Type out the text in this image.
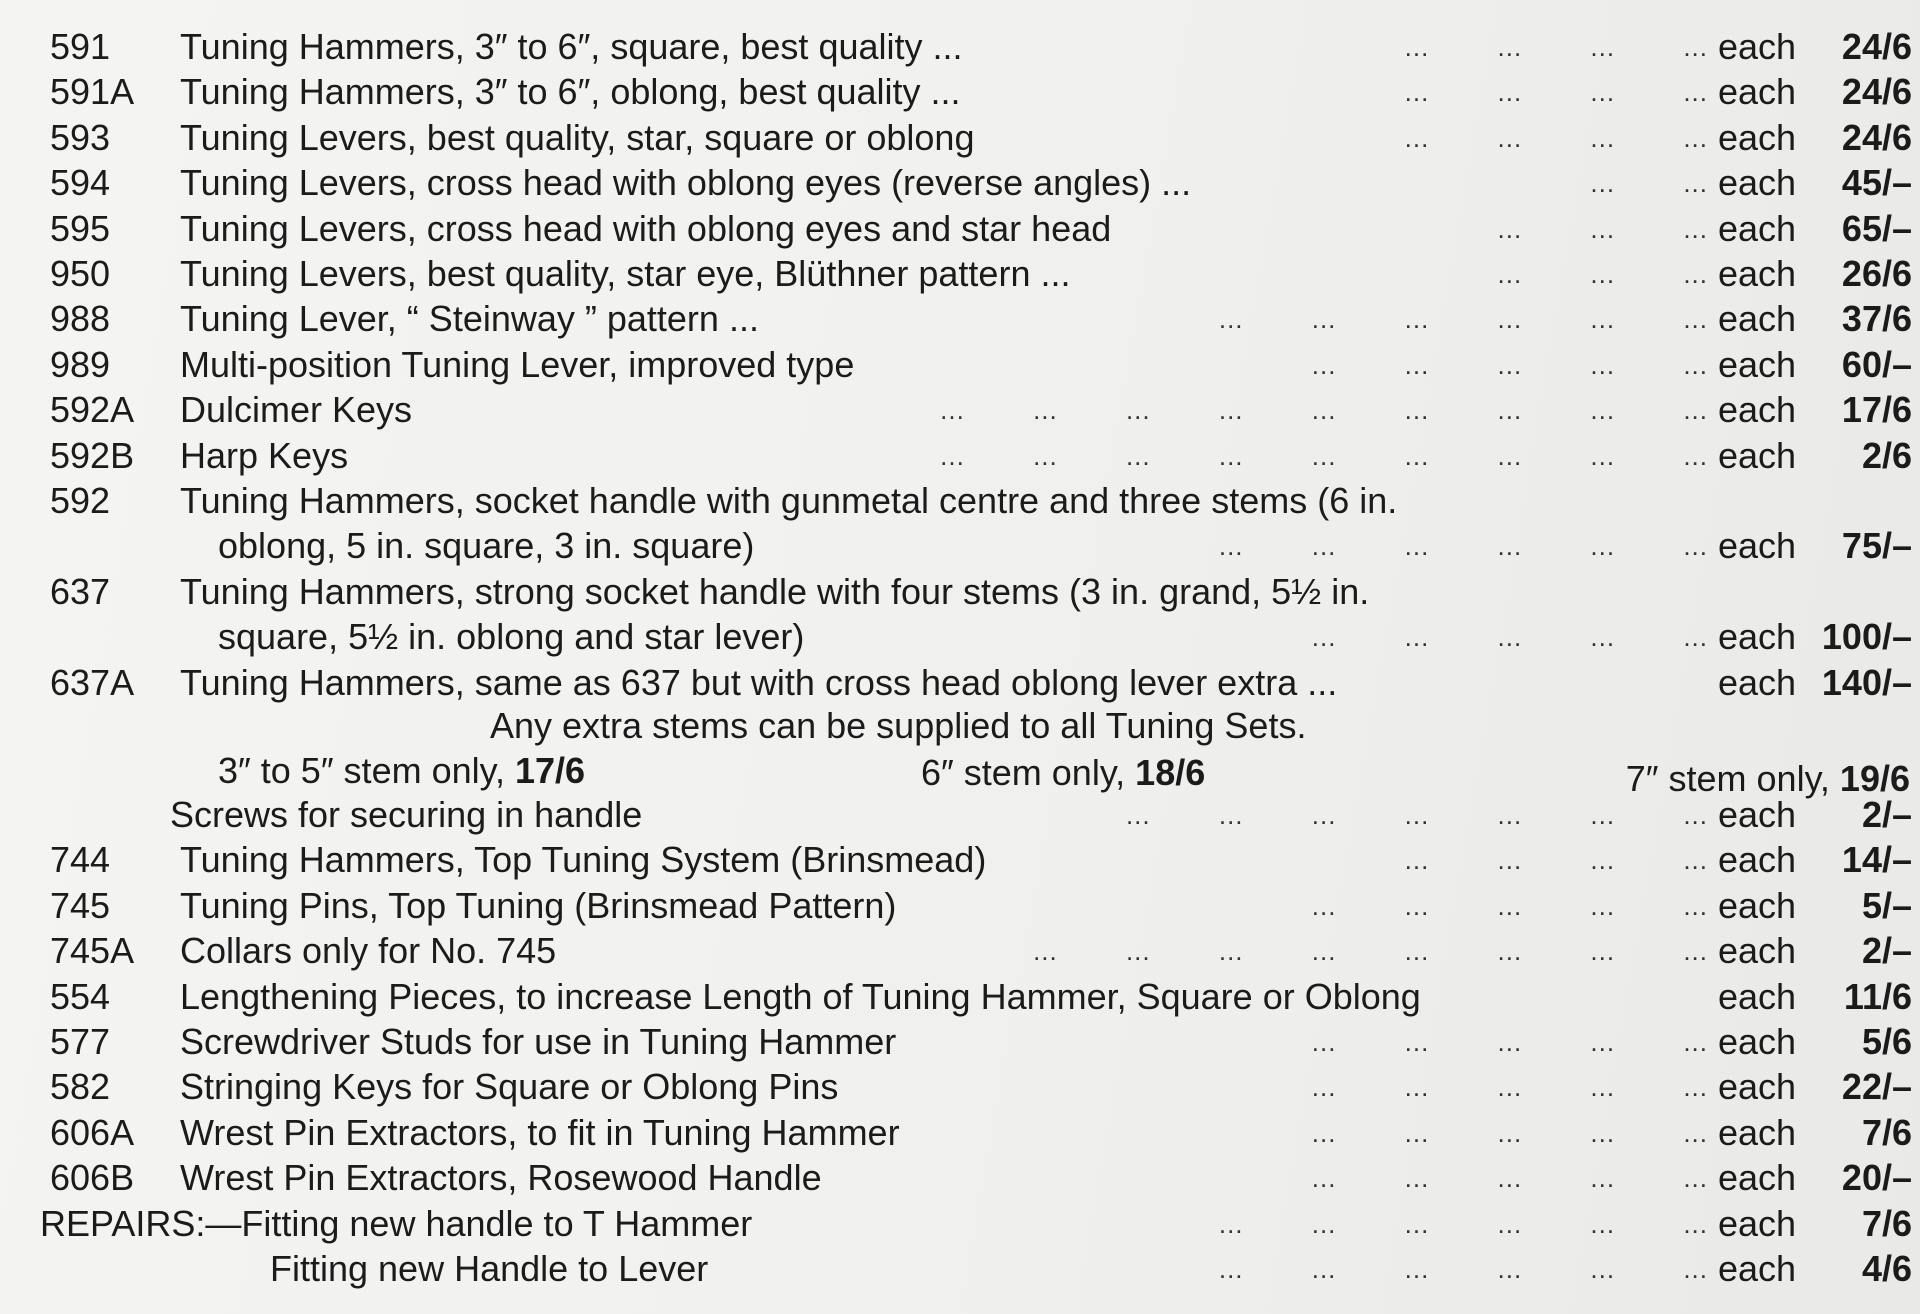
Any extra stems can be supplied to all Tuning Sets.
3″ to 5″ stem only, 17/6	6″ stem only, 18/6	7″ stem only, 19/6
591	Tuning Hammers, 3″ to 6″, square, best quality ...	... ... ... ... each	24/6
591A	Tuning Hammers, 3″ to 6″, oblong, best quality ...	... ... ... ... each	24/6
593	Tuning Levers, best quality, star, square or oblong	... ... ... ... each	24/6
594	Tuning Levers, cross head with oblong eyes (reverse angles) ...	... ... each	45/–
595	Tuning Levers, cross head with oblong eyes and star head	... ... ... each	65/–
950	Tuning Levers, best quality, star eye, Blüthner pattern ...	... ... ... each	26/6
988	Tuning Lever, “ Steinway ” pattern ...	... ... ... ... ... ... each	37/6
989	Multi-position Tuning Lever, improved type	... ... ... ... ... each	60/–
592A	Dulcimer Keys	... ... ... ... ... ... ... ... ... each	17/6
592B	Harp Keys	... ... ... ... ... ... ... ... ... each	2/6
592	Tuning Hammers, socket handle with gunmetal centre and three stems (6 in.
oblong, 5 in. square, 3 in. square)	... ... ... ... ... ... each	75/–
637	Tuning Hammers, strong socket handle with four stems (3 in. grand, 5½ in.
square, 5½ in. oblong and star lever)	... ... ... ... ... each 100/–
637A	Tuning Hammers, same as 637 but with cross head oblong lever extra ...	each 140/–
Screws for securing in handle	... ... ... ... ... ... ... each	2/–
744	Tuning Hammers, Top Tuning System (Brinsmead)	... ... ... ... each	14/–
745	Tuning Pins, Top Tuning (Brinsmead Pattern)	... ... ... ... ... each	5/–
745A	Collars only for No. 745	... ... ... ... ... ... ... ... each	2/–
554	Lengthening Pieces, to increase Length of Tuning Hammer, Square or Oblong	each	11/6
577	Screwdriver Studs for use in Tuning Hammer	... ... ... ... ... each	5/6
582	Stringing Keys for Square or Oblong Pins	... ... ... ... ... each	22/–
606A	Wrest Pin Extractors, to fit in Tuning Hammer	... ... ... ... ... each	7/6
606B	Wrest Pin Extractors, Rosewood Handle	... ... ... ... ... each	20/–
REPAIRS:— Fitting new handle to T Hammer	... ... ... ... ... ... each	7/6
Fitting new Handle to Lever	... ... ... ... ... ... each	4/6
